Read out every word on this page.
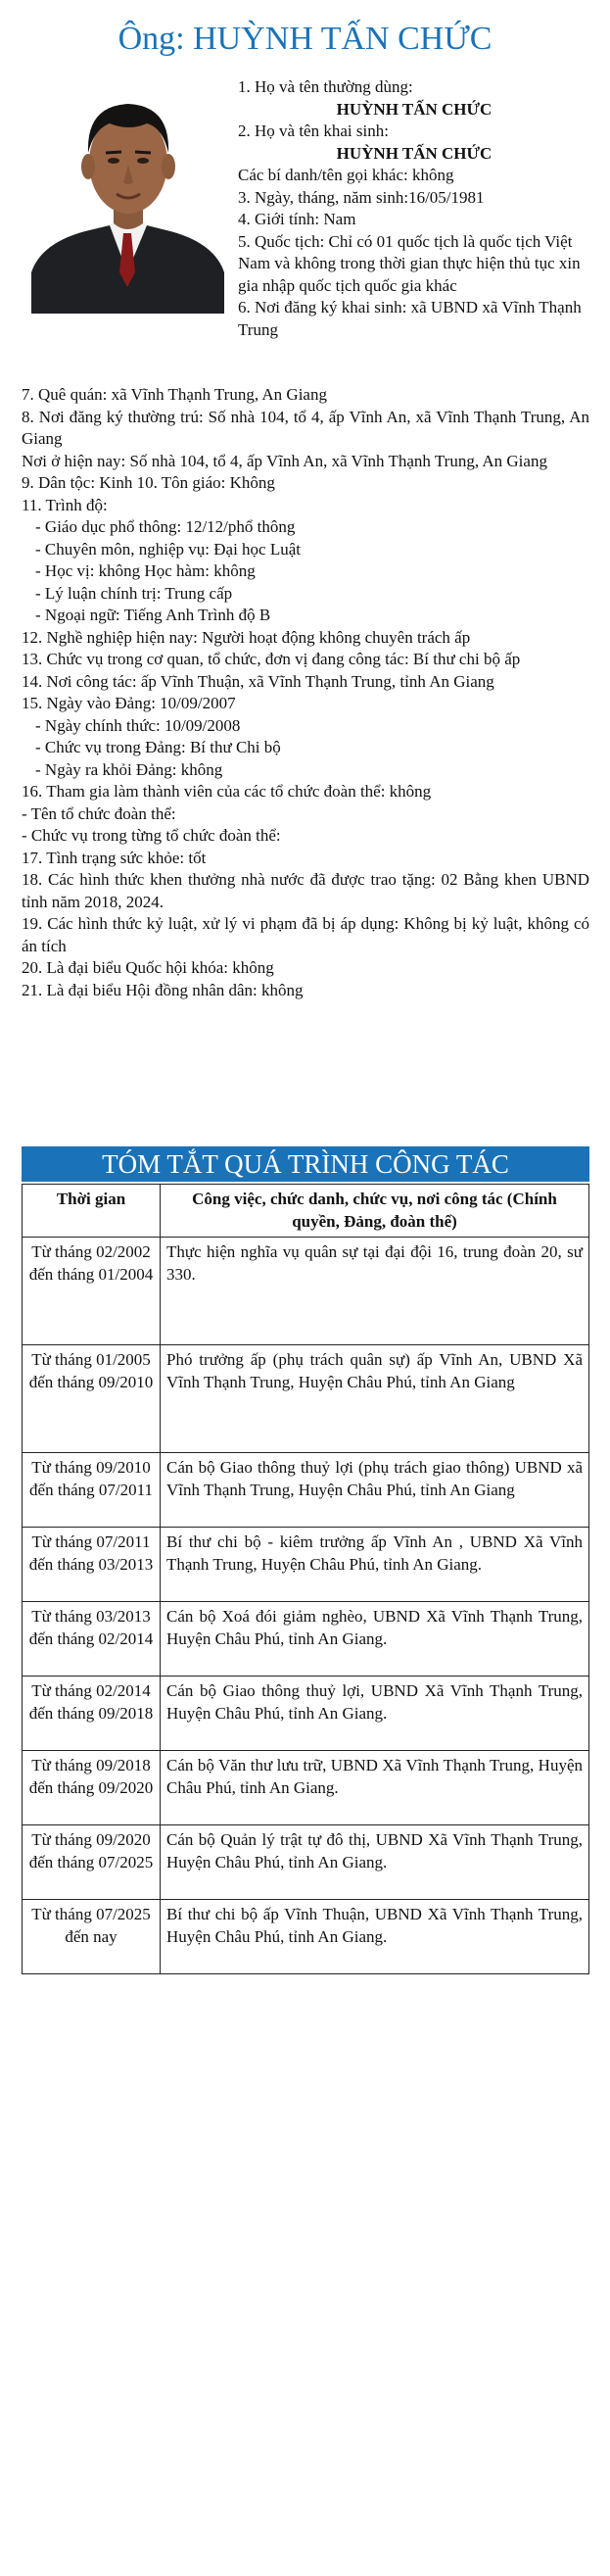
Ông: HUỲNH TẤN CHỨC

1. Họ và tên thường dùng:

HUỲNH TẤN CHỨC

2. Họ và tên khai sinh:

HUỲNH TẤN CHỨC

Các bí danh/tên gọi khác: không

3. Ngày, tháng, năm sinh:16/05/1981

4. Giới tính: Nam

5. Quốc tịch: Chỉ có 01 quốc tịch là quốc tịch Việt Nam và không trong thời gian thực hiện thủ tục xin gia nhập quốc tịch quốc gia khác

6. Nơi đăng ký khai sinh: xã UBND xã Vĩnh Thạnh Trung

7. Quê quán: xã Vĩnh Thạnh Trung, An Giang

8. Nơi đăng ký thường trú: Số nhà 104, tổ 4, ấp Vĩnh An, xã Vĩnh Thạnh Trung, An Giang

Nơi ở hiện nay: Số nhà 104, tổ 4, ấp Vĩnh An, xã Vĩnh Thạnh Trung, An Giang

9. Dân tộc: Kinh 10. Tôn giáo: Không

11. Trình độ:

- Giáo dục phổ thông: 12/12/phổ thông

- Chuyên môn, nghiệp vụ: Đại học Luật

- Học vị: không Học hàm: không

- Lý luận chính trị: Trung cấp

- Ngoại ngữ: Tiếng Anh Trình độ B

12. Nghề nghiệp hiện nay: Người hoạt động không chuyên trách ấp

13. Chức vụ trong cơ quan, tổ chức, đơn vị đang công tác: Bí thư chi bộ ấp

14. Nơi công tác: ấp Vĩnh Thuận, xã Vĩnh Thạnh Trung, tỉnh An Giang

15. Ngày vào Đảng: 10/09/2007

- Ngày chính thức: 10/09/2008

- Chức vụ trong Đảng: Bí thư Chi bộ

- Ngày ra khỏi Đảng: không

16. Tham gia làm thành viên của các tổ chức đoàn thể: không

- Tên tổ chức đoàn thể:

- Chức vụ trong từng tổ chức đoàn thể:

17. Tình trạng sức khỏe: tốt

18. Các hình thức khen thưởng nhà nước đã được trao tặng: 02 Bằng khen UBND tỉnh năm 2018, 2024.

19. Các hình thức kỷ luật, xử lý vi phạm đã bị áp dụng: Không bị kỷ luật, không có án tích

20. Là đại biểu Quốc hội khóa: không

21. Là đại biểu Hội đồng nhân dân: không

TÓM TẮT QUÁ TRÌNH CÔNG TÁC
Thời gian	Công việc, chức danh, chức vụ, nơi công tác (Chính quyền, Đảng, đoàn thể)
Từ tháng 02/2002 đến tháng 01/2004	Thực hiện nghĩa vụ quân sự tại đại đội 16, trung đoàn 20, sư 330.
Từ tháng 01/2005 đến tháng 09/2010	Phó trưởng ấp (phụ trách quân sự) ấp Vĩnh An, UBND Xã Vĩnh Thạnh Trung, Huyện Châu Phú, tỉnh An Giang
Từ tháng 09/2010 đến tháng 07/2011	Cán bộ Giao thông thuỷ lợi (phụ trách giao thông) UBND xã Vĩnh Thạnh Trung, Huyện Châu Phú, tỉnh An Giang
Từ tháng 07/2011 đến tháng 03/2013	Bí thư chi bộ - kiêm trưởng ấp Vĩnh An , UBND Xã Vĩnh Thạnh Trung, Huyện Châu Phú, tỉnh An Giang.
Từ tháng 03/2013 đến tháng 02/2014	Cán bộ Xoá đói giảm nghèo, UBND Xã Vĩnh Thạnh Trung, Huyện Châu Phú, tỉnh An Giang.
Từ tháng 02/2014 đến tháng 09/2018	Cán bộ Giao thông thuỷ lợi, UBND Xã Vĩnh Thạnh Trung, Huyện Châu Phú, tỉnh An Giang.
Từ tháng 09/2018 đến tháng 09/2020	Cán bộ Văn thư lưu trữ, UBND Xã Vĩnh Thạnh Trung, Huyện Châu Phú, tỉnh An Giang.
Từ tháng 09/2020 đến tháng 07/2025	Cán bộ Quản lý trật tự đô thị, UBND Xã Vĩnh Thạnh Trung, Huyện Châu Phú, tỉnh An Giang.
Từ tháng 07/2025 đến nay	Bí thư chi bộ ấp Vĩnh Thuận, UBND Xã Vĩnh Thạnh Trung, Huyện Châu Phú, tỉnh An Giang.
